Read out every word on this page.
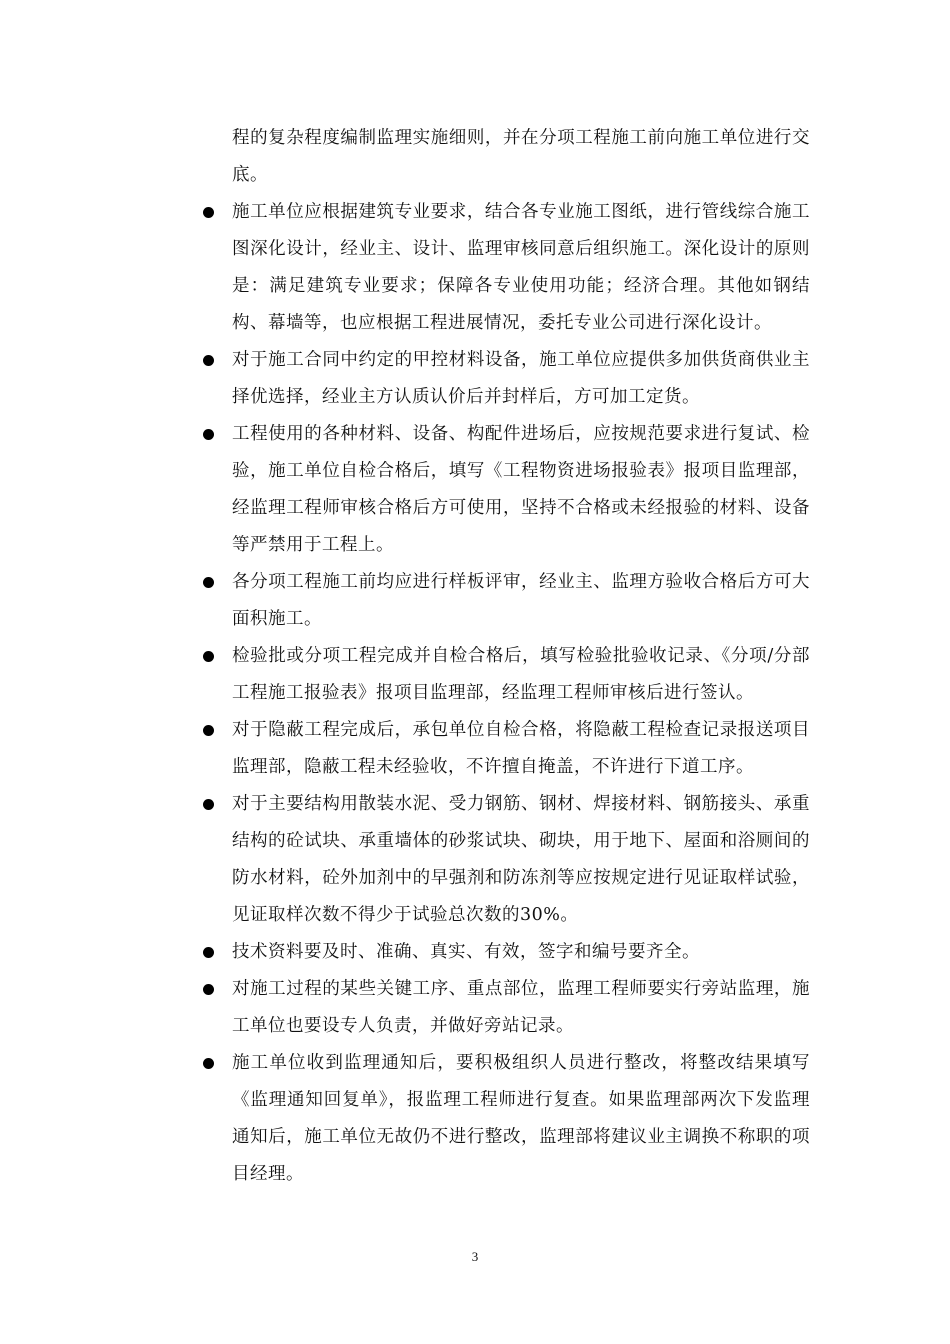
程的复杂程度编制监理实施细则，并在分项工程施工前向施工单位进行交底。

施工单位应根据建筑专业要求，结合各专业施工图纸，进行管线综合施工图深化设计，经业主、设计、监理审核同意后组织施工。深化设计的原则是：满足建筑专业要求；保障各专业使用功能；经济合理。其他如钢结构、幕墙等，也应根据工程进展情况，委托专业公司进行深化设计。

对于施工合同中约定的甲控材料设备，施工单位应提供多加供货商供业主择优选择，经业主方认质认价后并封样后，方可加工定货。

工程使用的各种材料、设备、构配件进场后，应按规范要求进行复试、检验，施工单位自检合格后，填写《工程物资进场报验表》报项目监理部，经监理工程师审核合格后方可使用，坚持不合格或未经报验的材料、设备等严禁用于工程上。

各分项工程施工前均应进行样板评审，经业主、监理方验收合格后方可大面积施工。

检验批或分项工程完成并自检合格后，填写检验批验收记录、《分项/分部工程施工报验表》报项目监理部，经监理工程师审核后进行签认。

对于隐蔽工程完成后，承包单位自检合格，将隐蔽工程检查记录报送项目监理部，隐蔽工程未经验收，不许擅自掩盖，不许进行下道工序。

对于主要结构用散装水泥、受力钢筋、钢材、焊接材料、钢筋接头、承重结构的砼试块、承重墙体的砂浆试块、砌块，用于地下、屋面和浴厕间的防水材料，砼外加剂中的早强剂和防冻剂等应按规定进行见证取样试验，见证取样次数不得少于试验总次数的30%。

技术资料要及时、准确、真实、有效，签字和编号要齐全。

对施工过程的某些关键工序、重点部位，监理工程师要实行旁站监理，施工单位也要设专人负责，并做好旁站记录。

施工单位收到监理通知后，要积极组织人员进行整改，将整改结果填写《监理通知回复单》，报监理工程师进行复查。如果监理部两次下发监理通知后，施工单位无故仍不进行整改，监理部将建议业主调换不称职的项目经理。

3
